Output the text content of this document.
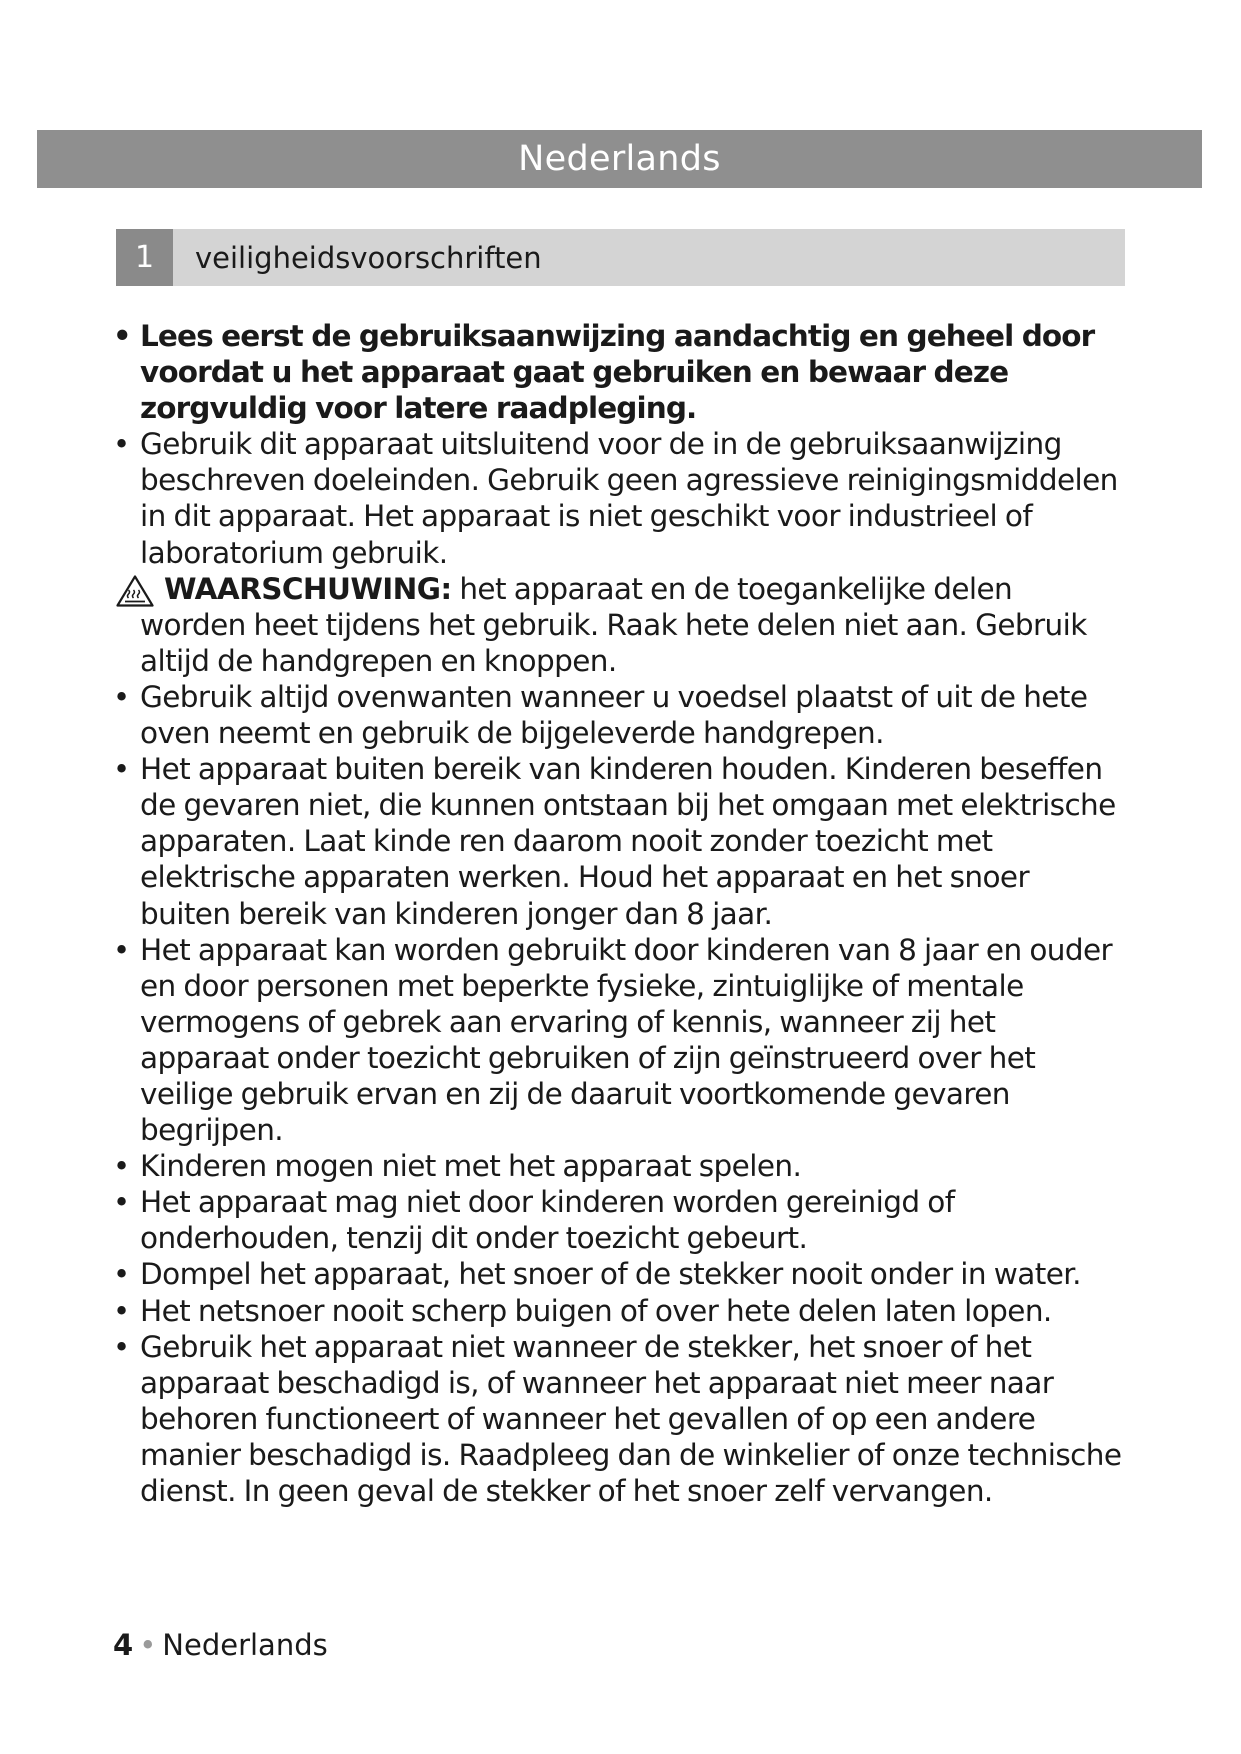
Nederlands
1	veiligheidsvoorschriften
• Lees eerst de gebruiksaanwijzing aandachtig en geheel door voordat u het apparaat gaat gebruiken en bewaar deze zorgvuldig voor latere raadpleging.
• Gebruik dit apparaat uitsluitend voor de in de gebruiksaanwijzing beschreven doeleinden. Gebruik geen agressieve reinigingsmiddelen in dit apparaat. Het apparaat is niet geschikt voor industrieel of laboratorium gebruik.
WAARSCHUWING: het apparaat en de toegankelijke delen worden heet tijdens het gebruik. Raak hete delen niet aan. Gebruik altijd de handgrepen en knoppen.
• Gebruik altijd ovenwanten wanneer u voedsel plaatst of uit de hete oven neemt en gebruik de bijgeleverde handgrepen.
• Het apparaat buiten bereik van kinderen houden. Kinderen beseffen de gevaren niet, die kunnen ontstaan bij het omgaan met elektrische apparaten. Laat kinde ren daarom nooit zonder toezicht met elektrische apparaten werken. Houd het apparaat en het snoer buiten bereik van kinderen jonger dan 8 jaar.
• Het apparaat kan worden gebruikt door kinderen van 8 jaar en ouder en door personen met beperkte fysieke, zintuiglijke of mentale vermogens of gebrek aan ervaring of kennis, wanneer zij het apparaat onder toezicht gebruiken of zijn geïnstrueerd over het veilige gebruik ervan en zij de daaruit voortkomende gevaren begrijpen.
• Kinderen mogen niet met het apparaat spelen.
• Het apparaat mag niet door kinderen worden gereinigd of onderhouden, tenzij dit onder toezicht gebeurt.
• Dompel het apparaat, het snoer of de stekker nooit onder in water.
• Het netsnoer nooit scherp buigen of over hete delen laten lopen.
• Gebruik het apparaat niet wanneer de stekker, het snoer of het apparaat beschadigd is, of wanneer het apparaat niet meer naar behoren functioneert of wanneer het gevallen of op een andere manier beschadigd is. Raadpleeg dan de winkelier of onze technische dienst. In geen geval de stekker of het snoer zelf vervangen.
4 • Nederlands
